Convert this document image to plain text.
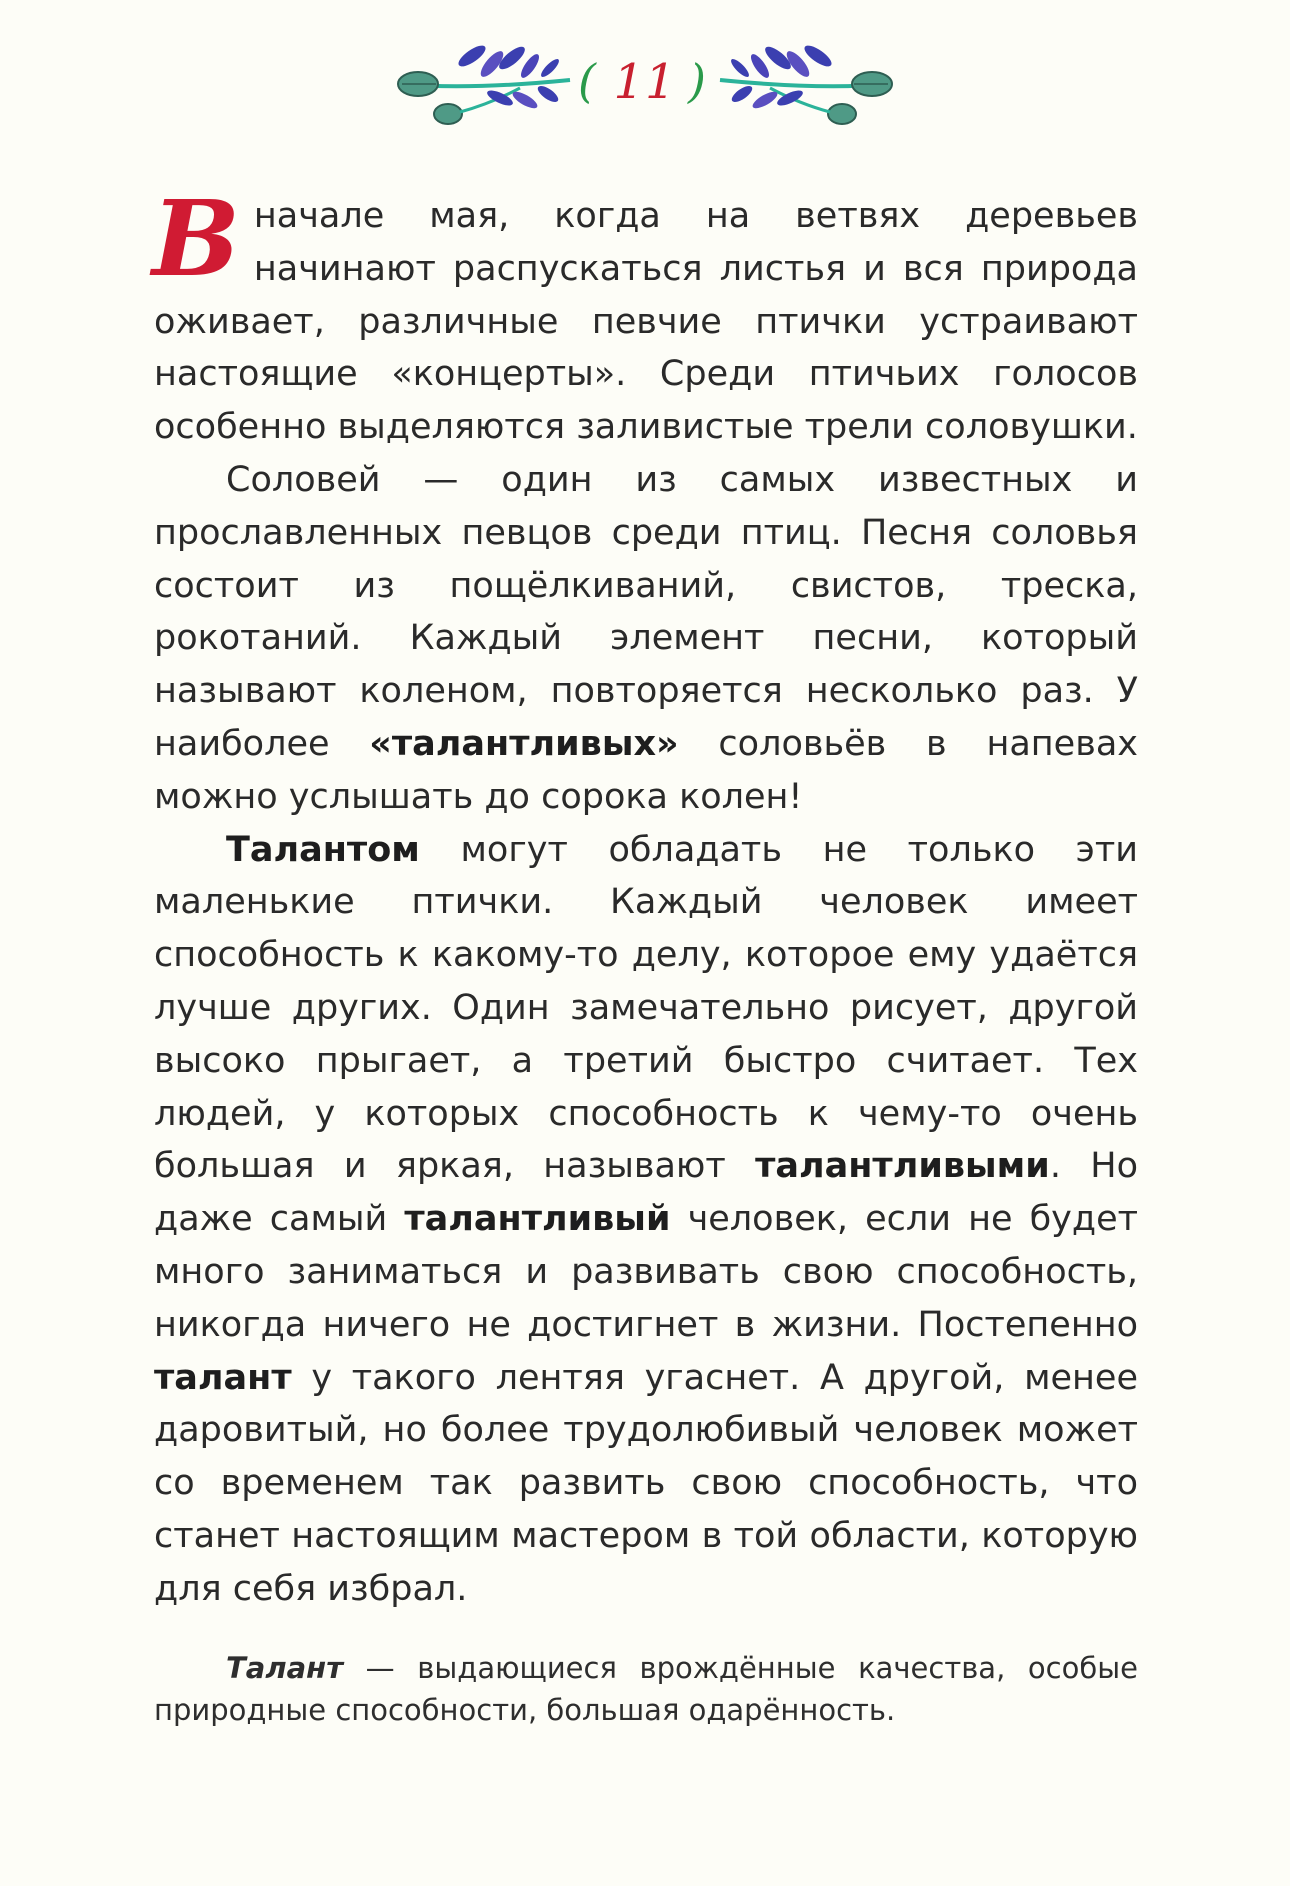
( 11 )

В начале мая, когда на ветвях деревьев начинают распускаться листья и вся природа оживает, различные певчие птички устраивают настоящие «концерты». Среди птичьих голосов особенно выделяются заливистые трели соловушки.

Соловей — один из самых известных и прославленных певцов среди птиц. Песня соловья состоит из пощёлкиваний, свистов, треска, рокотаний. Каждый элемент песни, который называют коленом, повторяется несколько раз. У наиболее «талантливых» соловьёв в напевах можно услышать до сорока колен!

Талантом могут обладать не только эти маленькие птички. Каждый человек имеет способность к какому-то делу, которое ему удаётся лучше других. Один замечательно рисует, другой высоко прыгает, а третий быстро считает. Тех людей, у которых способность к чему-то очень большая и яркая, называют талантливыми. Но даже самый талантливый человек, если не будет много заниматься и развивать свою способность, никогда ничего не достигнет в жизни. Постепенно талант у такого лентяя угаснет. А другой, менее даровитый, но более трудолюбивый человек может со временем так развить свою способность, что станет настоящим мастером в той области, которую для себя избрал.

Талант — выдающиеся врождённые качества, особые природные способности, большая одарённость.
